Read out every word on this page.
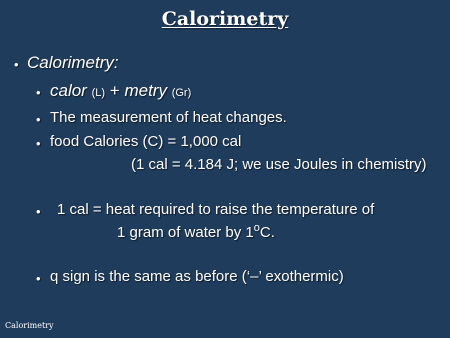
Calorimetry
• Calorimetry:
• calor (L) + metry (Gr)
• The measurement of heat changes.
• food Calories (C) = 1,000 cal
(1 cal = 4.184 J; we use Joules in chemistry)
• 1 cal = heat required to raise the temperature of
1 gram of water by 1$^o$C.
• q sign is the same as before (‘–’ exothermic)
Calorimetry
